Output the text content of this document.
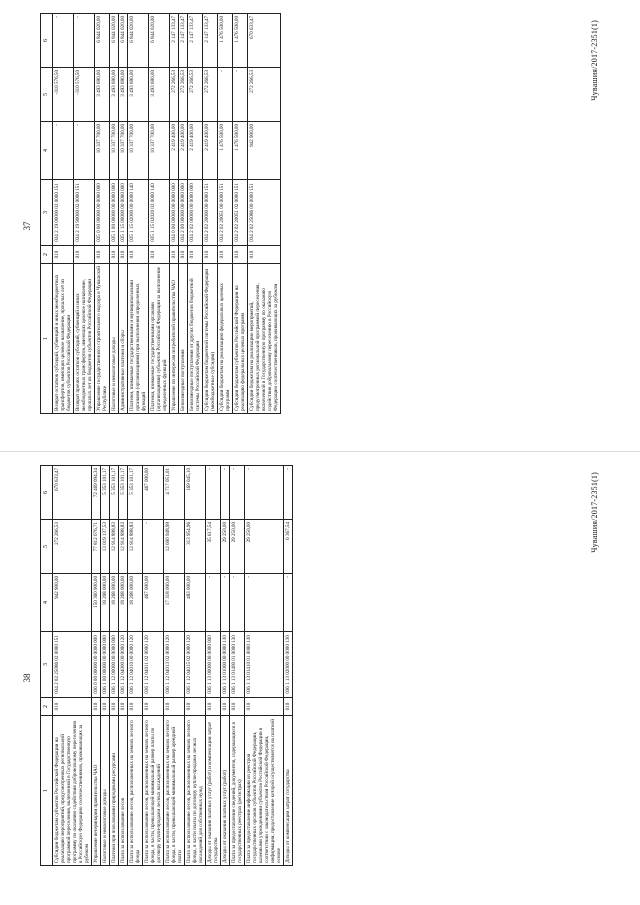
37
1	2	3	4	5	6
Возврат остатков субсидий, субвенций и иных межбюджетных трансфертов, имеющих целевое назначение, прошлых лет из бюджетов субъектов Российской Федерации	010	034 2 19 00000 02 0000 151	-	-310 576,50	-
Возврат прочих остатков субсидий, субвенций и иных межбюджетных трансфертов, имеющих целевое назначение, прошлых лет из бюджетов субъектов Российской Федерации	010	034 2 19 90000 02 0000 151	-	-310 576,50	-
Управление государственного строительного надзора в Чувашской Республике	010	035 0 00 00000 00 0000 000	10 337 700,00	3 493 680,00	6 844 020,00
Налоговые и неналоговые доходы	010	035 1 00 00000 00 0000 000	10 337 700,00	3 493 680,00	6 844 020,00
Административные платежи и сборы	010	035 1 15 00000 00 0000 000	10 337 700,00	3 493 680,00	6 844 020,00
Платежи, взимаемые государственными и муниципальными органами (организациями) при выполнении определенных функций	010	035 1 15 02000 00 0000 140	10 337 700,00	3 493 680,00	6 844 020,00
Платежи, взимаемые государственными органами (организациями) субъектов Российской Федерации за выполнение определенных функций	010	035 1 15 02020 02 0000 140	10 337 700,00	3 493 680,00	6 844 020,00
Управление по интересам потребителей правительства ЧАО	010	034 0 00 00000 00 0000 000	2 419 400,00	272 266,53	2 147 133,47
Безвозмездные поступления	010	034 2 00 00000 00 0000 000	2 419 400,00	272 266,53	2 147 133,47
Безвозмездные поступления от других бюджетов бюджетной системы Российской Федерации	010	034 2 02 00000 00 0000 000	2 419 400,00	272 266,53	2 147 133,47
Субсидии бюджетам бюджетной системы Российской Федерации (межбюджетные субсидии)	010	034 2 02 20000 00 0000 151	2 419 400,00	272 266,53	2 147 133,47
Субсидии бюджетам на реализацию федеральных целевых программ	010	034 2 02 20051 00 0000 151	1 476 500,00	-	1 476 500,00
Субсидии бюджетам субъектов Российской Федерации на реализацию федеральных целевых программ	010	034 2 02 20051 02 0000 151	1 476 500,00	-	1 476 500,00
Субсидии бюджетам на реализацию мероприятий, предусмотренных региональной программой переселения, включенной в Государственную программу по оказанию содействия добровольному переселению в Российскую Федерацию соотечественников, проживающих за рубежом	010	034 2 02 25086 00 0000 151	942 900,00	272 266,53	670 633,47	Чувашия/2017-2351(1)
38
1	2	3	4	5	6
Субсидии бюджетам субъектов Российской Федерации на реализацию мероприятий, предусмотренных региональной программой переселения, включенной в Государственную программу по оказанию содействия добровольному переселению в Российскую Федерацию соотечественников, проживающих за рубежом	010	034 2 02 25086 02 0000 151	942 900,00	272 266,53	670 633,47
Управление ветеринарии правительства ЧАО	010	036 0 00 00000 00 0000 000	150 360 900,00	77 812 076,71	72 469 094,34
Налоговые и неналоговые доходы	010	036 1 00 00000 00 0000 000	18 268 000,00	13 019 137,53	5 353 101,17
Платежи при пользовании природными ресурсами	010	036 1 12 00000 00 0000 000	18 268 000,00	12 914 898,83	5 353 101,17
Плата за использование лесов	010	036 1 12 04000 00 0000 120	18 268 000,00	12 914 898,83	5 353 101,17
Плата за использование лесов, расположенных на землях лесного фонда	010	036 1 12 04010 00 0000 120	18 268 000,00	12 914 898,83	5 353 101,17
Плата за использование лесов, расположенных на землях лесного фонда, в части, превышающей минимальный размер платы по договору купли-продажи лесных насаждений	010	036 1 12 04011 02 0000 120	467 000,00	-	467 000,00
Плата за использование лесов, расположенных на землях лесного фонда, в части, превышающей минимальный размер арендной платы	010	036 1 12 04013 02 0000 120	17 318 000,00	12 600 948,99	4 717 051,01
Плата за использование лесов, расположенных на землях лесного фонда, в части платы по договору купли-продажи лесных насаждений для собственных нужд	010	036 1 12 04015 02 0000 120	483 000,00	313 954,96	169 045,10
Доходы от оказания платных услуг (работ) и компенсации затрат государства	010	036 1 13 00000 00 0000 000	-	35 617,54	-
Доходы от оказания платных услуг (работ)	010	036 1 13 01000 00 0000 130	-	29 250,00	-
Плата за предоставление сведений, документов, содержащихся в государственных реестрах (регистрах)	010	036 1 13 01400 01 0000 130	-	29 250,00	-
Плата за предоставление информации из реестров государственных органов субъектов Российской Федерации, казенными учреждениями субъектов Российской Федерации в соответствии с законодательством Российской Федерации, информации, предоставление которой осуществляется на платной основе	010	036 1 13 01410 01 0000 130	-	29 250,00	-
Доходы от компенсации затрат государства	010	036 1 13 02000 00 0000 130	-	6 367,54	-
Чувашия/2017-2351(1)
